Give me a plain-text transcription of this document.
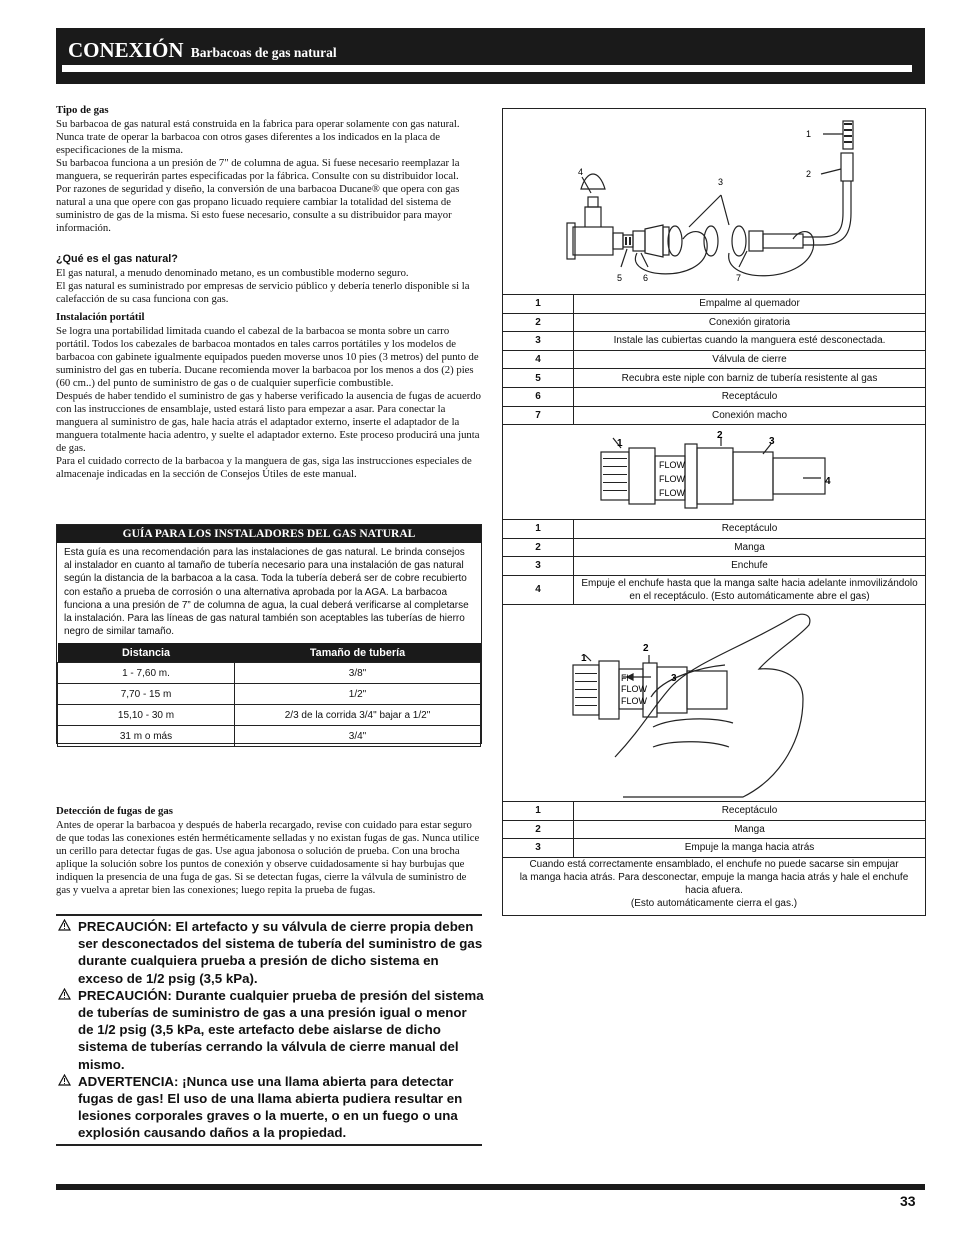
CONEXIÓN Barbacoas de gas natural

Tipo de gas

Su barbacoa de gas natural está construida en la fabrica para operar solamente con gas natural. Nunca trate de operar la barbacoa con otros gases diferentes a los indicados en la placa de especificaciones de la misma.

Su barbacoa funciona a un presión de 7" de columna de agua. Si fuese necesario reemplazar la manguera, se requerirán partes especificadas por la fábrica. Consulte con su distribuidor local.

Por razones de seguridad y diseño, la conversión de una barbacoa Ducane® que opera con gas natural a una que opere con gas propano licuado requiere cambiar la totalidad del sistema de suministro de gas de la misma. Si esto fuese necesario, consulte a su distribuidor para mayor información.

¿Qué es el gas natural?

El gas natural, a menudo denominado metano, es un combustible moderno seguro.

El gas natural es suministrado por empresas de servicio público y debería tenerlo disponible si la calefacción de su casa funciona con gas.

Instalación portátil

Se logra una portabilidad limitada cuando el cabezal de la barbacoa se monta sobre un carro portátil. Todos los cabezales de barbacoa montados en tales carros portátiles y los modelos de barbacoa con gabinete igualmente equipados pueden moverse unos 10 pies (3 metros) del punto de suministro del gas en tubería. Ducane recomienda mover la barbacoa por los menos a dos (2) pies (60 cm..) del punto de suministro de gas o de cualquier superficie combustible.

Después de haber tendido el suministro de gas y haberse verificado la ausencia de fugas de acuerdo con las instrucciones de ensamblaje, usted estará listo para empezar a asar. Para conectar la manguera al suministro de gas, hale hacia atrás el adaptador externo, inserte el adaptador de la manguera totalmente hacia adentro, y suelte el adaptador externo. Este proceso producirá una junta de gas.

Para el cuidado correcto de la barbacoa y la manguera de gas, siga las instrucciones especiales de almacenaje indicadas en la sección de Consejos Útiles de este manual.

GUÍA PARA LOS INSTALADORES DEL GAS NATURAL
Esta guía es una recomendación para las instalaciones de gas natural. Le brinda consejos al instalador en cuanto al tamaño de tubería necesario para una instalación de gas natural según la distancia de la barbacoa a la casa. Toda la tubería deberá ser de cobre recubierto con estaño a prueba de corrosión o una alternativa aprobada por la AGA. La barbacoa funciona a una presión de 7” de columna de agua, la cual deberá verificarse al completarse la instalación. Para las líneas de gas natural también son aceptables las tuberías de hierro negro de similar tamaño.
Distancia	Tamaño de tubería
1 - 7,60 m.	3/8"
7,70 - 15 m	1/2"
15,10 - 30 m	2/3 de la corrida 3/4" bajar a 1/2"
31 m o más	3/4"

Detección de fugas de gas

Antes de operar la barbacoa y después de haberla recargado, revise con cuidado para estar seguro de que todas las conexiones estén herméticamente selladas y no existan fugas de gas. Nunca utilice un cerillo para detectar fugas de gas. Use agua jabonosa o solución de prueba. Con una brocha aplique la solución sobre los puntos de conexión y observe cuidadosamente si hay burbujas que indiquen la presencia de una fuga de gas. Si se detectan fugas, cierre la válvula de suministro de gas y vuelva a apretar bien las conexiones; luego repita la prueba de fugas.

PRECAUCIÓN: El artefacto y su válvula de cierre propia deben ser desconectados del sistema de tubería del suministro de gas durante cualquiera prueba a presión de dicho sistema en exceso de 1/2 psig (3,5 kPa).
PRECAUCIÓN: Durante cualquier prueba de presión del sistema de tuberías de suministro de gas a una presión igual o menor de 1/2 psig (3,5 kPa, este artefacto debe aislarse de dicho sistema de tuberías cerrando la válvula de cierre manual del mismo.
ADVERTENCIA: ¡Nunca use una llama abierta para detectar fugas de gas! El uso de una llama abierta pudiera resultar en lesiones corporales graves o la muerte, o en un fuego o una explosión causando daños a la propiedad.
1
2
3
4
5 6	7
1	Empalme al quemador
2	Conexión giratoria
3	Instale las cubiertas cuando la manguera esté desconectada.
4	Válvula de cierre
5	Recubra este niple con barniz de tubería resistente al gas
6	Receptáculo
7	Conexión macho
FLOW
FLOW
FLOW
1
2
3
4
1	Receptáculo
2	Manga
3	Enchufe
4	Empuje el enchufe hasta que la manga salte hacia adelante inmovilizándolo en el receptáculo. (Esto automáticamente abre el gas)
Fl
FLOW
FLOW
1
2
3
1	Receptáculo
2	Manga
3	Empuje la manga hacia atrás
Cuando está correctamente ensamblado, el enchufe no puede sacarse sin empujar
la manga hacia atrás. Para desconectar, empuje la manga hacia atrás y hale el enchufe
hacia afuera.
(Esto automáticamente cierra el gas.)
33
